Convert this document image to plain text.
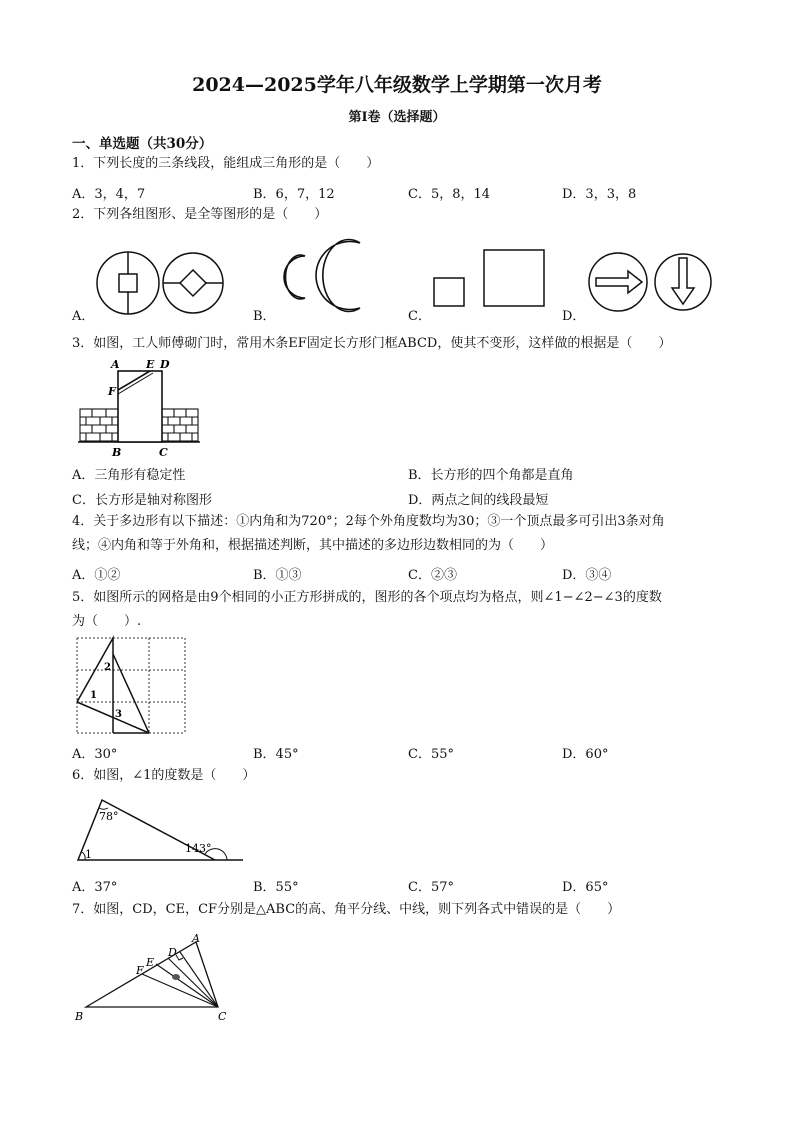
2024—2025学年八年级数学上学期第一次月考
第I卷（选择题）
一、单选题（共30分）
1．下列长度的三条线段，能组成三角形的是（　　）
A．3，4，7	B．6，7，12	C．5，8，14	D．3，3，8
2．下列各组图形、是全等图形的是（　　）
A．	B．	C．	D．
3．如图，工人师傅砌门时，常用木条EF固定长方形门框ABCD，使其不变形，这样做的根据是（　　）
A E D
F
B	C
A．三角形有稳定性	B．长方形的四个角都是直角
C．长方形是轴对称图形	D．两点之间的线段最短
4．关于多边形有以下描述：①内角和为720°；2每个外角度数均为30；③一个顶点最多可引出3条对角
线；④内角和等于外角和，根据描述判断，其中描述的多边形边数相同的为（　　）
A．①②	B．①③	C．②③	D．③④
5．如图所示的网格是由9个相同的小正方形拼成的，图形的各个项点均为格点，则∠1−∠2−∠3的度数
为（　　）.
2
1
3
A．30°	B．45°	C．55°	D．60°
6．如图，∠1的度数是（　　）
78°
1	143°
A．37°	B．55°	C．57°	D．65°
7．如图，CD，CE，CF分别是△ABC的高、角平分线、中线，则下列各式中错误的是（　　）
A
D
F
E
B	C
